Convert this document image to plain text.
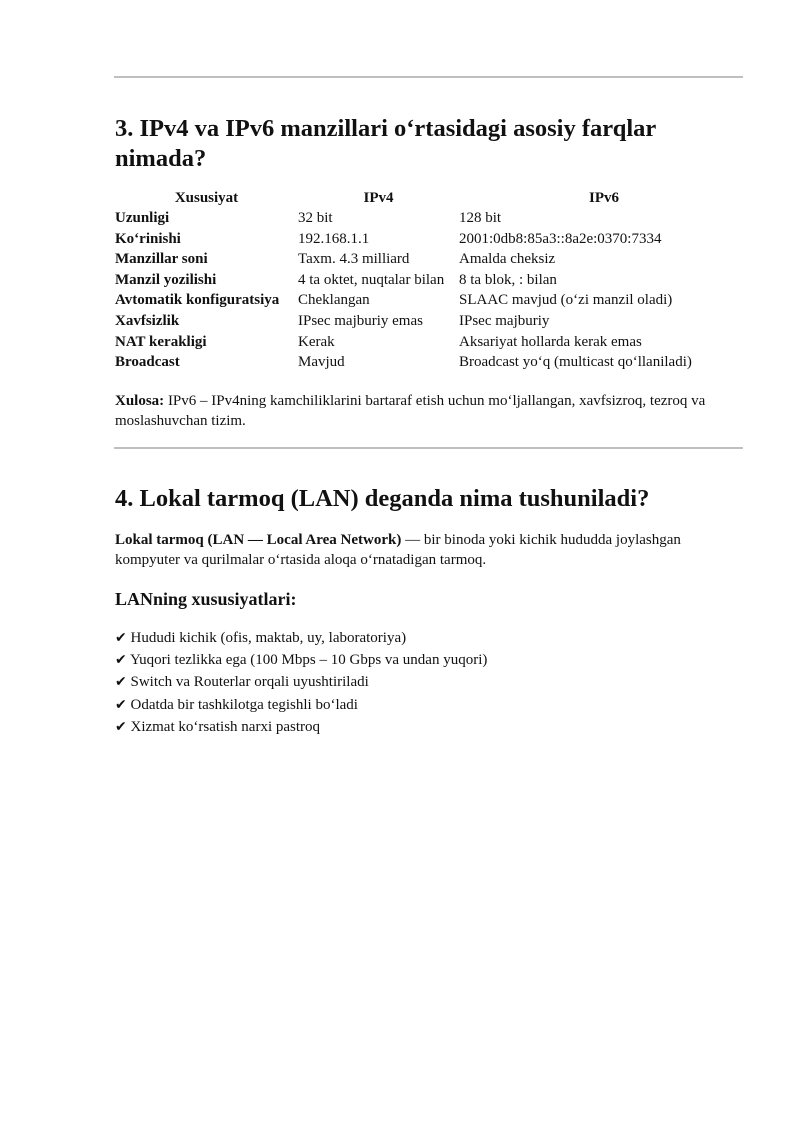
3. IPv4 va IPv6 manzillari o‘rtasidagi asosiy farqlar nimada?
Xususiyat	IPv4	IPv6
Uzunligi	32 bit	128 bit
Ko‘rinishi	192.168.1.1	2001:0db8:85a3::8a2e:0370:7334
Manzillar soni	Taxm. 4.3 milliard	Amalda cheksiz
Manzil yozilishi	4 ta oktet, nuqtalar bilan	8 ta blok, : bilan
Avtomatik konfiguratsiya	Cheklangan	SLAAC mavjud (o‘zi manzil oladi)
Xavfsizlik	IPsec majburiy emas	IPsec majburiy
NAT kerakligi	Kerak	Aksariyat hollarda kerak emas
Broadcast	Mavjud	Broadcast yo‘q (multicast qo‘llaniladi)

Xulosa: IPv6 – IPv4ning kamchiliklarini bartaraf etish uchun mo‘ljallangan, xavfsizroq, tezroq va moslashuvchan tizim.

4. Lokal tarmoq (LAN) deganda nima tushuniladi?

Lokal tarmoq (LAN — Local Area Network) — bir binoda yoki kichik hududda joylashgan kompyuter va qurilmalar o‘rtasida aloqa o‘rnatadigan tarmoq.

LANning xususiyatlari:
✔ Hududi kichik (ofis, maktab, uy, laboratoriya)
✔ Yuqori tezlikka ega (100 Mbps – 10 Gbps va undan yuqori)
✔ Switch va Routerlar orqali uyushtiriladi
✔ Odatda bir tashkilotga tegishli bo‘ladi
✔ Xizmat ko‘rsatish narxi pastroq
